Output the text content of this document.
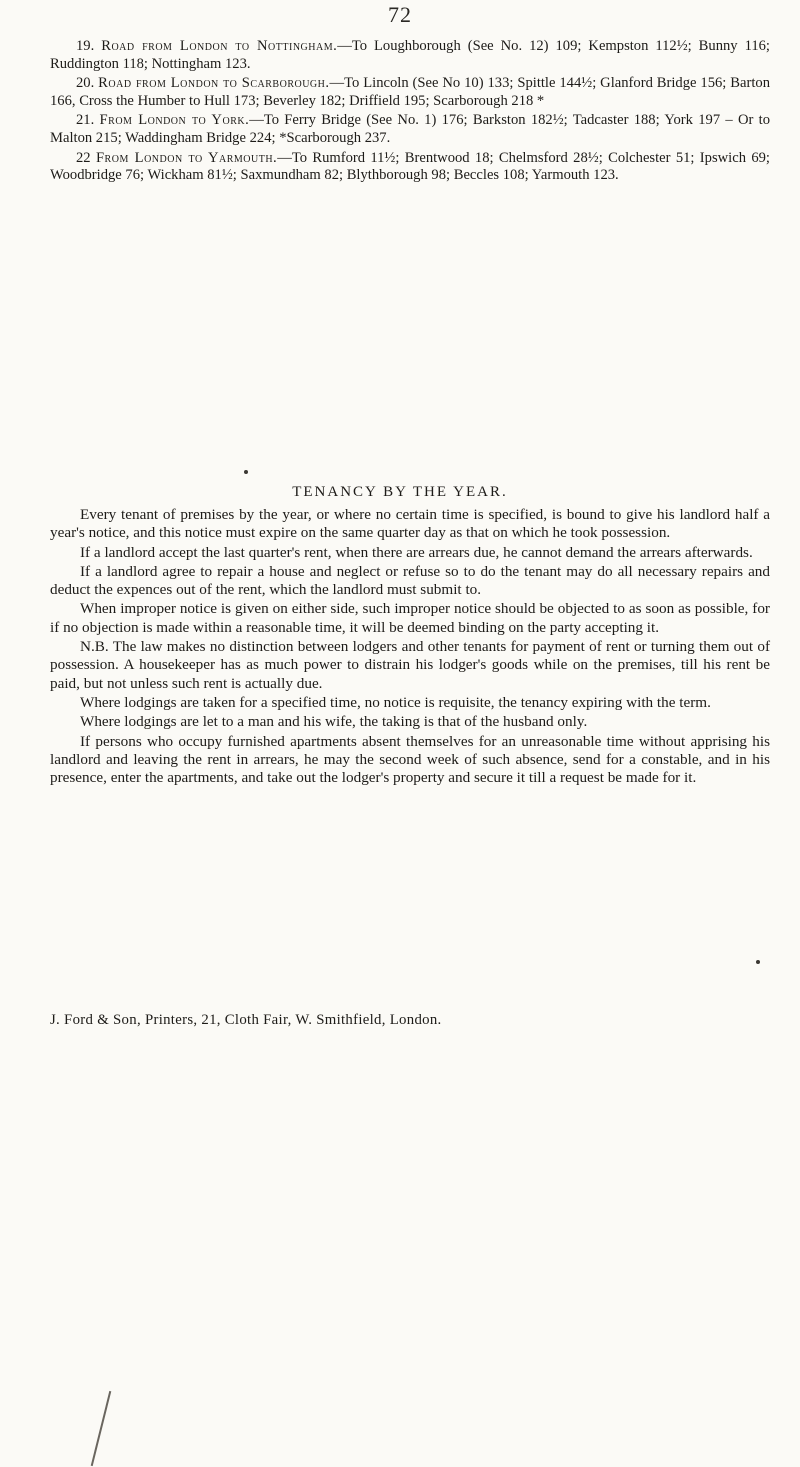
72

19. Road from London to Nottingham.—To Loughborough (See No. 12) 109; Kempston 112½; Bunny 116; Ruddington 118; Nottingham 123.

20. Road from London to Scarborough.—To Lincoln (See No 10) 133; Spittle 144½; Glanford Bridge 156; Barton 166, Cross the Humber to Hull 173; Beverley 182; Driffield 195; Scarborough 218 *

21. From London to York.—To Ferry Bridge (See No. 1) 176; Barkston 182½; Tadcaster 188; York 197 – Or to Malton 215; Waddingham Bridge 224; *Scarborough 237.

22 From London to Yarmouth.—To Rumford 11½; Brentwood 18; Chelmsford 28½; Colchester 51; Ipswich 69; Woodbridge 76; Wickham 81½; Saxmundham 82; Blythborough 98; Beccles 108; Yarmouth 123.

TENANCY BY THE YEAR.

Every tenant of premises by the year, or where no certain time is specified, is bound to give his landlord half a year's notice, and this notice must expire on the same quarter day as that on which he took possession.

If a landlord accept the last quarter's rent, when there are arrears due, he cannot demand the arrears afterwards.

If a landlord agree to repair a house and neglect or refuse so to do the tenant may do all necessary repairs and deduct the expences out of the rent, which the landlord must submit to.

When improper notice is given on either side, such improper notice should be objected to as soon as possible, for if no objection is made within a reasonable time, it will be deemed binding on the party accepting it.

N.B. The law makes no distinction between lodgers and other tenants for payment of rent or turning them out of possession. A housekeeper has as much power to distrain his lodger's goods while on the premises, till his rent be paid, but not unless such rent is actually due.

Where lodgings are taken for a specified time, no notice is requisite, the tenancy expiring with the term.

Where lodgings are let to a man and his wife, the taking is that of the husband only.

If persons who occupy furnished apartments absent themselves for an unreasonable time without apprising his landlord and leaving the rent in arrears, he may the second week of such absence, send for a constable, and in his presence, enter the apartments, and take out the lodger's property and secure it till a request be made for it.

J. Ford & Son, Printers, 21, Cloth Fair, W. Smithfield, London.
